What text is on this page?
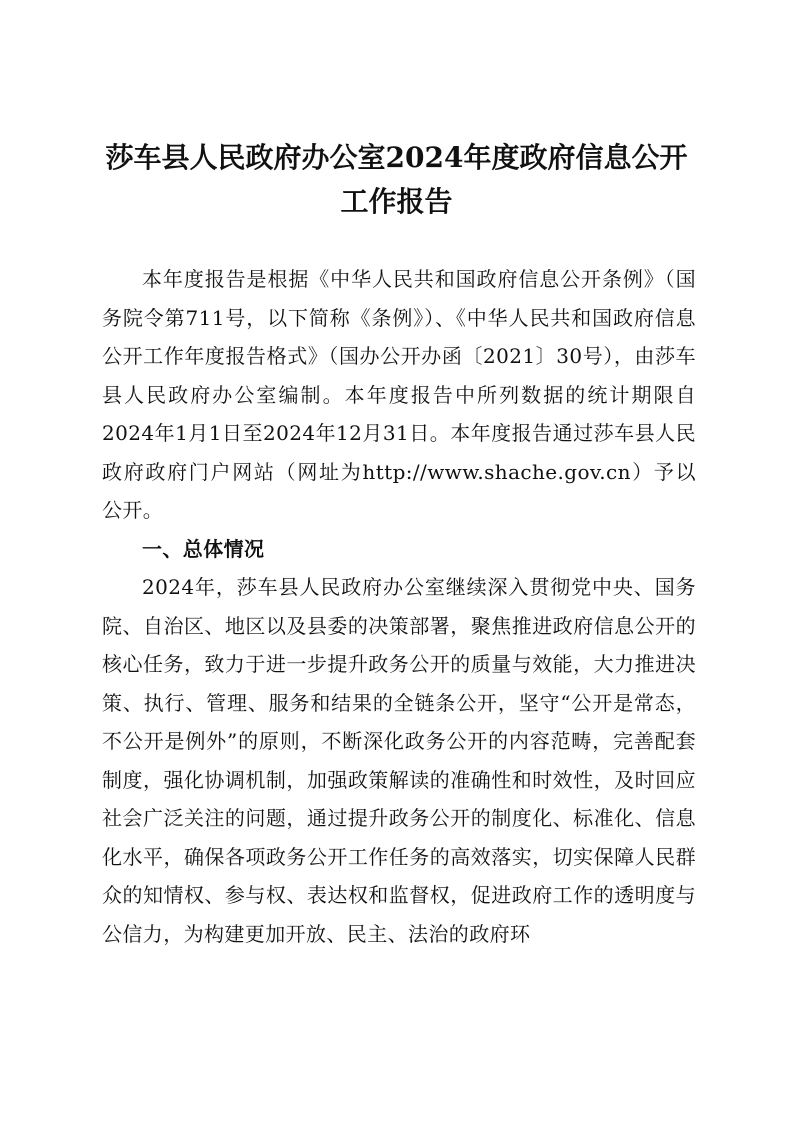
莎车县人民政府办公室2024年度政府信息公开
工作报告

本年度报告是根据《中华人民共和国政府信息公开条例》（国务院令第711号，以下简称《条例》）、《中华人民共和国政府信息公开工作年度报告格式》（国办公开办函〔2021〕30号），由莎车县人民政府办公室编制。本年度报告中所列数据的统计期限自2024年1月1日至2024年12月31日。本年度报告通过莎车县人民政府政府门户网站（网址为http://www.shache.gov.cn）予以公开。

一、总体情况

2024年，莎车县人民政府办公室继续深入贯彻党中央、国务院、自治区、地区以及县委的决策部署，聚焦推进政府信息公开的核心任务，致力于进一步提升政务公开的质量与效能，大力推进决策、执行、管理、服务和结果的全链条公开，坚守“公开是常态，不公开是例外”的原则，不断深化政务公开的内容范畴，完善配套制度，强化协调机制，加强政策解读的准确性和时效性，及时回应社会广泛关注的问题，通过提升政务公开的制度化、标准化、信息化水平，确保各项政务公开工作任务的高效落实，切实保障人民群众的知情权、参与权、表达权和监督权，促进政府工作的透明度与公信力，为构建更加开放、民主、法治的政府环
